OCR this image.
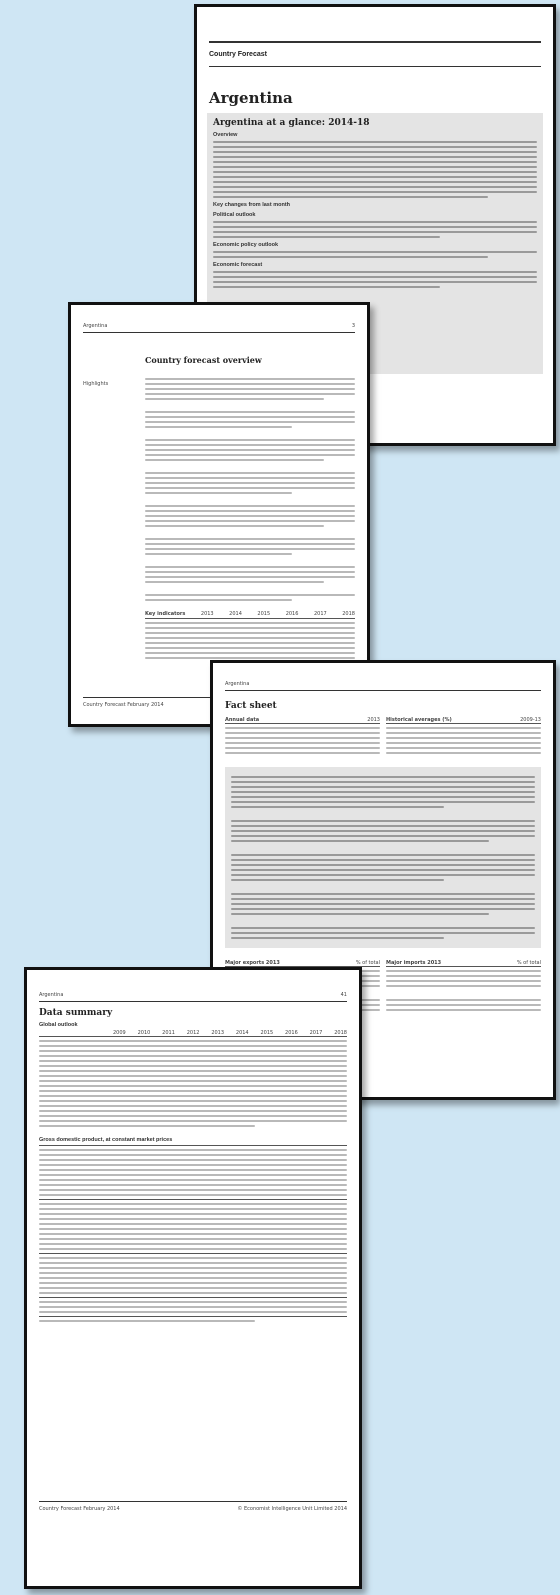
Country Forecast

Argentina

Argentina at a glance: 2014-18

Overview
Key changes from last month
Political outlook
Economic policy outlook
Economic forecast
Argentina	3
Highlights

Country forecast overview

Key indicators	2013	2014	2015	2016	2017	2018
Country Forecast February 2014
Argentina

Fact sheet

Annual data	2013 Historical averages (%)	2009-13
Major exports 2013	% of total Major imports 2013	% of total
Argentina	41

Data summary

Global outlook
2009 2010 2011 2012 2013 2014 2015 2016 2017 2018
Gross domestic product, at constant market prices
Country Forecast February 2014	© Economist Intelligence Unit Limited 2014
